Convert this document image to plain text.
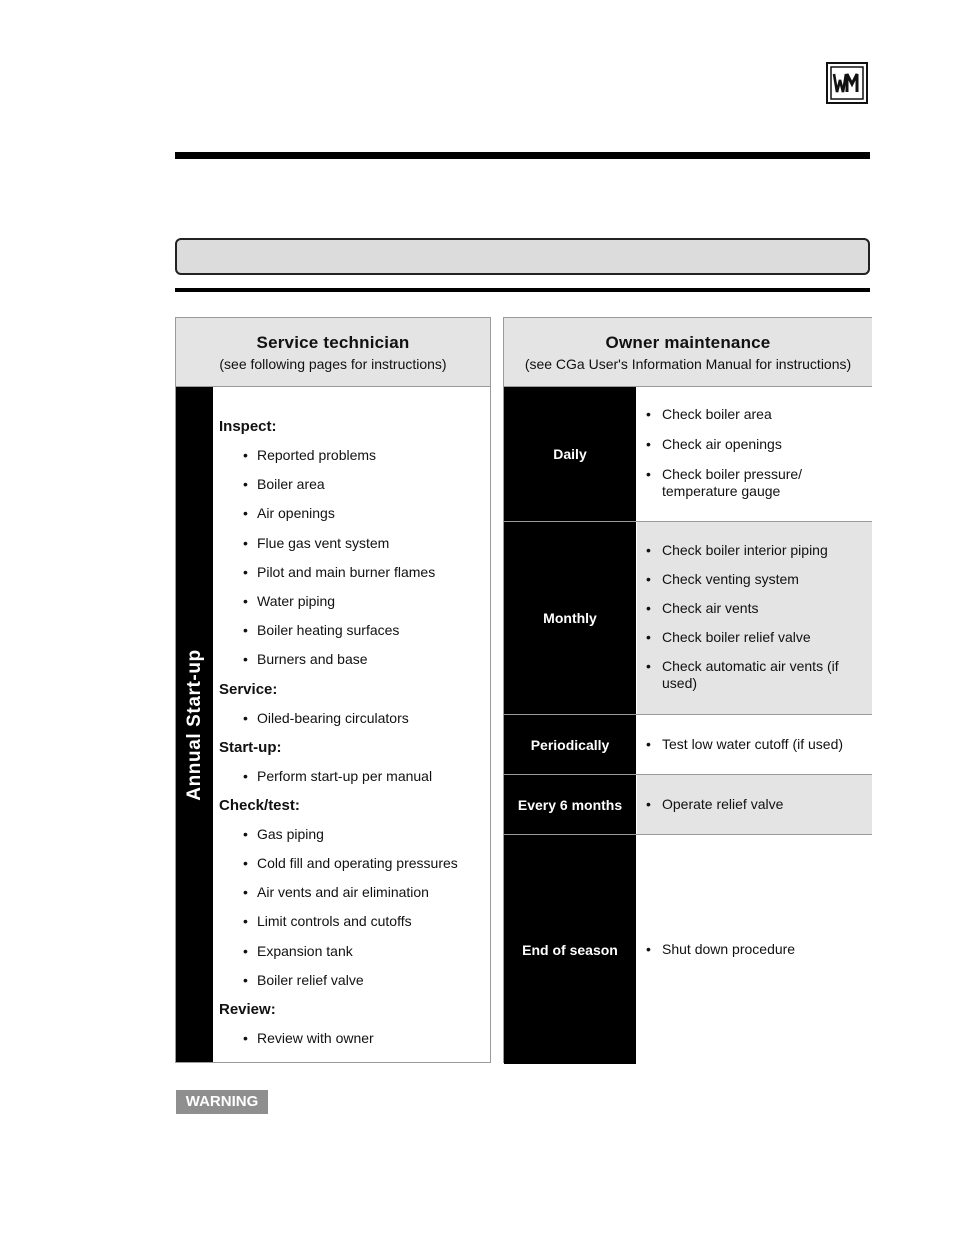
Service technician
(see following pages for instructions)
Annual Start-up
Inspect:
• Reported problems
• Boiler area
• Air openings
• Flue gas vent system
• Pilot and main burner flames
• Water piping
• Boiler heating surfaces
• Burners and base
Service:
• Oiled-bearing circulators
Start-up:
• Perform start-up per manual
Check/test:
• Gas piping
• Cold fill and operating pressures
• Air vents and air elimination
• Limit controls and cutoffs
• Expansion tank
• Boiler relief valve
Review:
• Review with owner
Owner maintenance
(see CGa User's Information Manual for instructions)
Daily
• Check boiler area
• Check air openings
• Check boiler pressure/ temperature gauge
Monthly
• Check boiler interior piping
• Check venting system
• Check air vents
• Check boiler relief valve
• Check automatic air vents (if used)
Periodically	• Test low water cutoff (if used)
Every 6 months	• Operate relief valve
End of season	• Shut down procedure
WARNING
